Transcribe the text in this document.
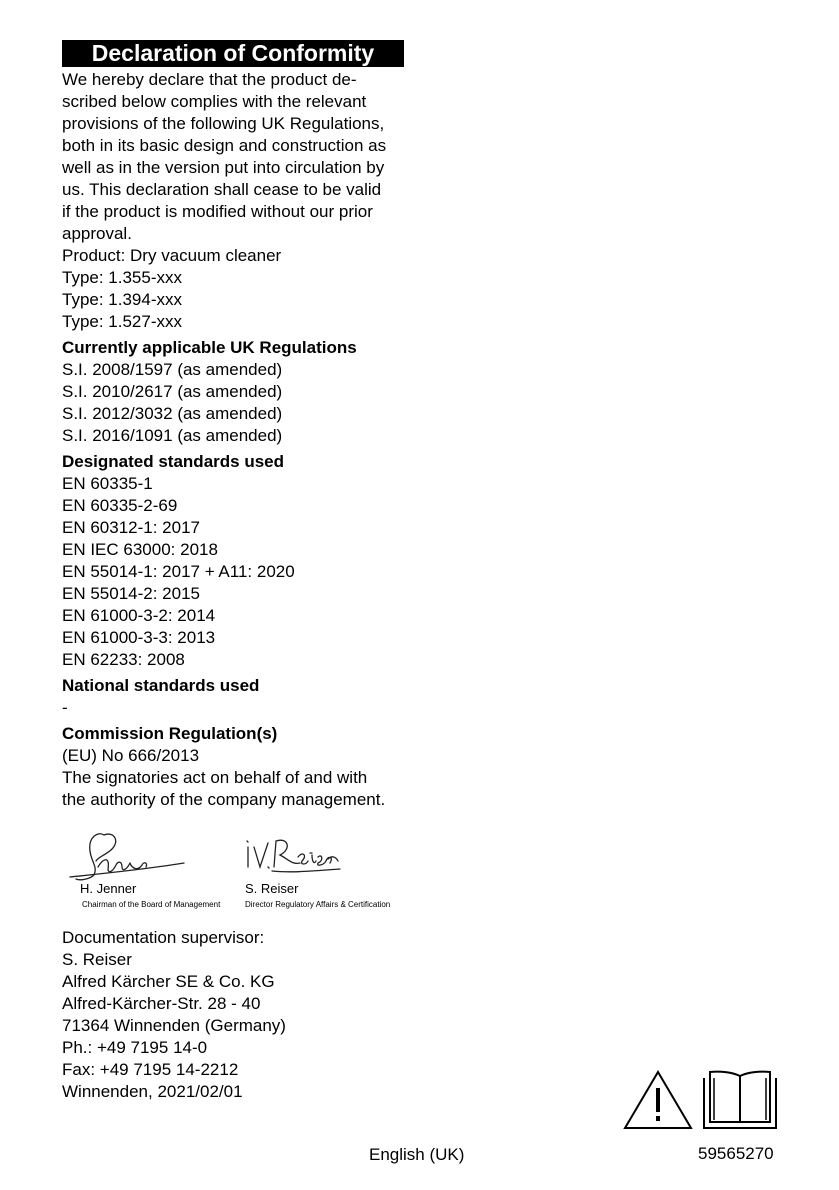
Declaration of Conformity
We hereby declare that the product de-
scribed below complies with the relevant
provisions of the following UK Regulations,
both in its basic design and construction as
well as in the version put into circulation by
us. This declaration shall cease to be valid
if the product is modified without our prior
approval.
Product: Dry vacuum cleaner
Type: 1.355-xxx
Type: 1.394-xxx
Type: 1.527-xxx
Currently applicable UK Regulations
S.I. 2008/1597 (as amended)
S.I. 2010/2617 (as amended)
S.I. 2012/3032 (as amended)
S.I. 2016/1091 (as amended)
Designated standards used
EN 60335-1
EN 60335-2-69
EN 60312-1: 2017
EN IEC 63000: 2018
EN 55014-1: 2017 + A11: 2020
EN 55014-2: 2015
EN 61000-3-2: 2014
EN 61000-3-3: 2013
EN 62233: 2008
National standards used
-
Commission Regulation(s)
(EU) No 666/2013
The signatories act on behalf of and with
the authority of the company management.
H. Jenner
Chairman of the Board of Management
S. Reiser
Director Regulatory Affairs & Certification
Documentation supervisor:
S. Reiser
Alfred Kärcher SE & Co. KG
Alfred-Kärcher-Str. 28 - 40
71364 Winnenden (Germany)
Ph.: +49 7195 14-0
Fax: +49 7195 14-2212
Winnenden, 2021/02/01
English (UK)	59565270
